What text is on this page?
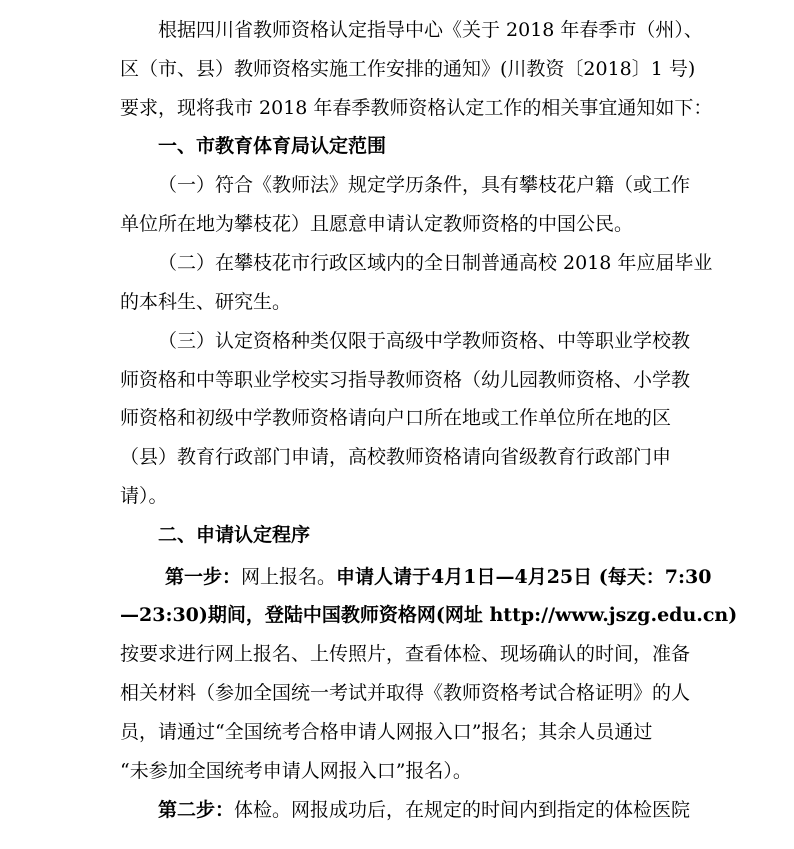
根据四川省教师资格认定指导中心《关于 2018 年春季市（州）、
区（市、县）教师资格实施工作安排的通知》(川教资〔2018〕1 号)
要求，现将我市 2018 年春季教师资格认定工作的相关事宜通知如下：
一、市教育体育局认定范围
（一）符合《教师法》规定学历条件，具有攀枝花户籍（或工作
单位所在地为攀枝花）且愿意申请认定教师资格的中国公民。
（二）在攀枝花市行政区域内的全日制普通高校 2018 年应届毕业
的本科生、研究生。
（三）认定资格种类仅限于高级中学教师资格、中等职业学校教
师资格和中等职业学校实习指导教师资格（幼儿园教师资格、小学教
师资格和初级中学教师资格请向户口所在地或工作单位所在地的区
（县）教育行政部门申请，高校教师资格请向省级教育行政部门申
请）。
二、申请认定程序
第一步：网上报名。申请人请于4月1日—4月25日 (每天：7:30
—23:30)期间，登陆中国教师资格网(网址 http://www.jszg.edu.cn)
按要求进行网上报名、上传照片，查看体检、现场确认的时间，准备
相关材料（参加全国统一考试并取得《教师资格考试合格证明》的人
员，请通过“全国统考合格申请人网报入口”报名；其余人员通过
“未参加全国统考申请人网报入口”报名）。
第二步：体检。网报成功后，在规定的时间内到指定的体检医院
